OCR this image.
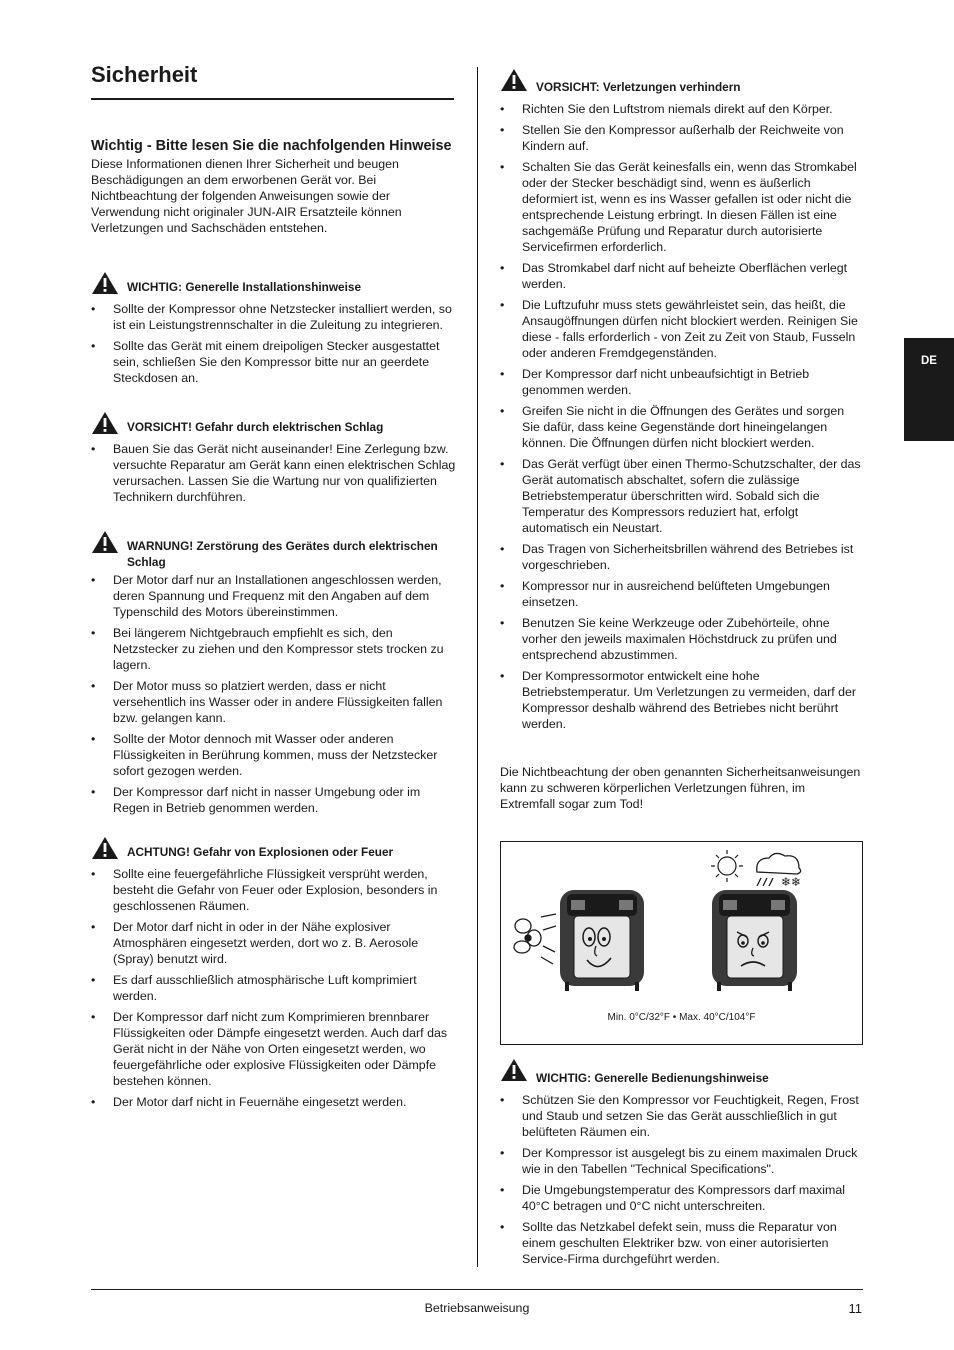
Sicherheit
Wichtig - Bitte lesen Sie die nachfolgenden Hinweise

Diese Informationen dienen Ihrer Sicherheit und beugen Beschädigungen an dem erworbenen Gerät vor. Bei Nichtbeachtung der folgenden Anweisungen sowie der Verwendung nicht originaler JUN-AIR Ersatzteile können Verletzungen und Sachschäden entstehen.

WICHTIG: Generelle Installationshinweise
• Sollte der Kompressor ohne Netzstecker installiert werden, so ist ein Leistungstrennschalter in die Zuleitung zu integrieren.
• Sollte das Gerät mit einem dreipoligen Stecker ausgestattet sein, schließen Sie den Kompressor bitte nur an geerdete Steckdosen an.
VORSICHT! Gefahr durch elektrischen Schlag
• Bauen Sie das Gerät nicht auseinander! Eine Zerlegung bzw. versuchte Reparatur am Gerät kann einen elektrischen Schlag verursachen. Lassen Sie die Wartung nur von qualifizierten Technikern durchführen.
WARNUNG! Zerstörung des Gerätes durch elektrischen Schlag
• Der Motor darf nur an Installationen angeschlossen werden, deren Spannung und Frequenz mit den Angaben auf dem Typenschild des Motors übereinstimmen.
• Bei längerem Nichtgebrauch empfiehlt es sich, den Netzstecker zu ziehen und den Kompressor stets trocken zu lagern.
• Der Motor muss so platziert werden, dass er nicht versehentlich ins Wasser oder in andere Flüssigkeiten fallen bzw. gelangen kann.
• Sollte der Motor dennoch mit Wasser oder anderen Flüssigkeiten in Berührung kommen, muss der Netzstecker sofort gezogen werden.
• Der Kompressor darf nicht in nasser Umgebung oder im Regen in Betrieb genommen werden.
ACHTUNG! Gefahr von Explosionen oder Feuer
• Sollte eine feuergefährliche Flüssigkeit versprüht werden, besteht die Gefahr von Feuer oder Explosion, besonders in geschlossenen Räumen.
• Der Motor darf nicht in oder in der Nähe explosiver Atmosphären eingesetzt werden, dort wo z. B. Aerosole (Spray) benutzt wird.
• Es darf ausschließlich atmosphärische Luft komprimiert werden.
• Der Kompressor darf nicht zum Komprimieren brennbarer Flüssigkeiten oder Dämpfe eingesetzt werden. Auch darf das Gerät nicht in der Nähe von Orten eingesetzt werden, wo feuergefährliche oder explosive Flüssigkeiten oder Dämpfe bestehen können.
• Der Motor darf nicht in Feuernähe eingesetzt werden.
VORSICHT: Verletzungen verhindern
• Richten Sie den Luftstrom niemals direkt auf den Körper.
• Stellen Sie den Kompressor außerhalb der Reichweite von Kindern auf.
• Schalten Sie das Gerät keinesfalls ein, wenn das Stromkabel oder der Stecker beschädigt sind, wenn es äußerlich deformiert ist, wenn es ins Wasser gefallen ist oder nicht die entsprechende Leistung erbringt. In diesen Fällen ist eine sachgemäße Prüfung und Reparatur durch autorisierte Servicefirmen erforderlich.
• Das Stromkabel darf nicht auf beheizte Oberflächen verlegt werden.
• Die Luftzufuhr muss stets gewährleistet sein, das heißt, die Ansaugöffnungen dürfen nicht blockiert werden. Reinigen Sie diese - falls erforderlich - von Zeit zu Zeit von Staub, Fusseln oder anderen Fremdgegenständen.
• Der Kompressor darf nicht unbeaufsichtigt in Betrieb genommen werden.
• Greifen Sie nicht in die Öffnungen des Gerätes und sorgen Sie dafür, dass keine Gegenstände dort hineingelangen können. Die Öffnungen dürfen nicht blockiert werden.
• Das Gerät verfügt über einen Thermo-Schutzschalter, der das Gerät automatisch abschaltet, sofern die zulässige Betriebstemperatur überschritten wird. Sobald sich die Temperatur des Kompressors reduziert hat, erfolgt automatisch ein Neustart.
• Das Tragen von Sicherheitsbrillen während des Betriebes ist vorgeschrieben.
• Kompressor nur in ausreichend belüfteten Umgebungen einsetzen.
• Benutzen Sie keine Werkzeuge oder Zubehörteile, ohne vorher den jeweils maximalen Höchstdruck zu prüfen und entsprechend abzustimmen.
• Der Kompressormotor entwickelt eine hohe Betriebstemperatur. Um Verletzungen zu vermeiden, darf der Kompressor deshalb während des Betriebes nicht berührt werden.

Die Nichtbeachtung der oben genannten Sicherheitsanweisungen kann zu schweren körperlichen Verletzungen führen, im Extremfall sogar zum Tod!

❄❄
Min. 0°C/32°F • Max. 40°C/104°F
WICHTIG: Generelle Bedienungshinweise
• Schützen Sie den Kompressor vor Feuchtigkeit, Regen, Frost und Staub und setzen Sie das Gerät ausschließlich in gut belüfteten Räumen ein.
• Der Kompressor ist ausgelegt bis zu einem maximalen Druck wie in den Tabellen "Technical Specifications".
• Die Umgebungstemperatur des Kompressors darf maximal 40°C betragen und 0°C nicht unterschreiten.
• Sollte das Netzkabel defekt sein, muss die Reparatur von einem geschulten Elektriker bzw. von einer autorisierten Service-Firma durchgeführt werden.
DE
Betriebsanweisung	11
